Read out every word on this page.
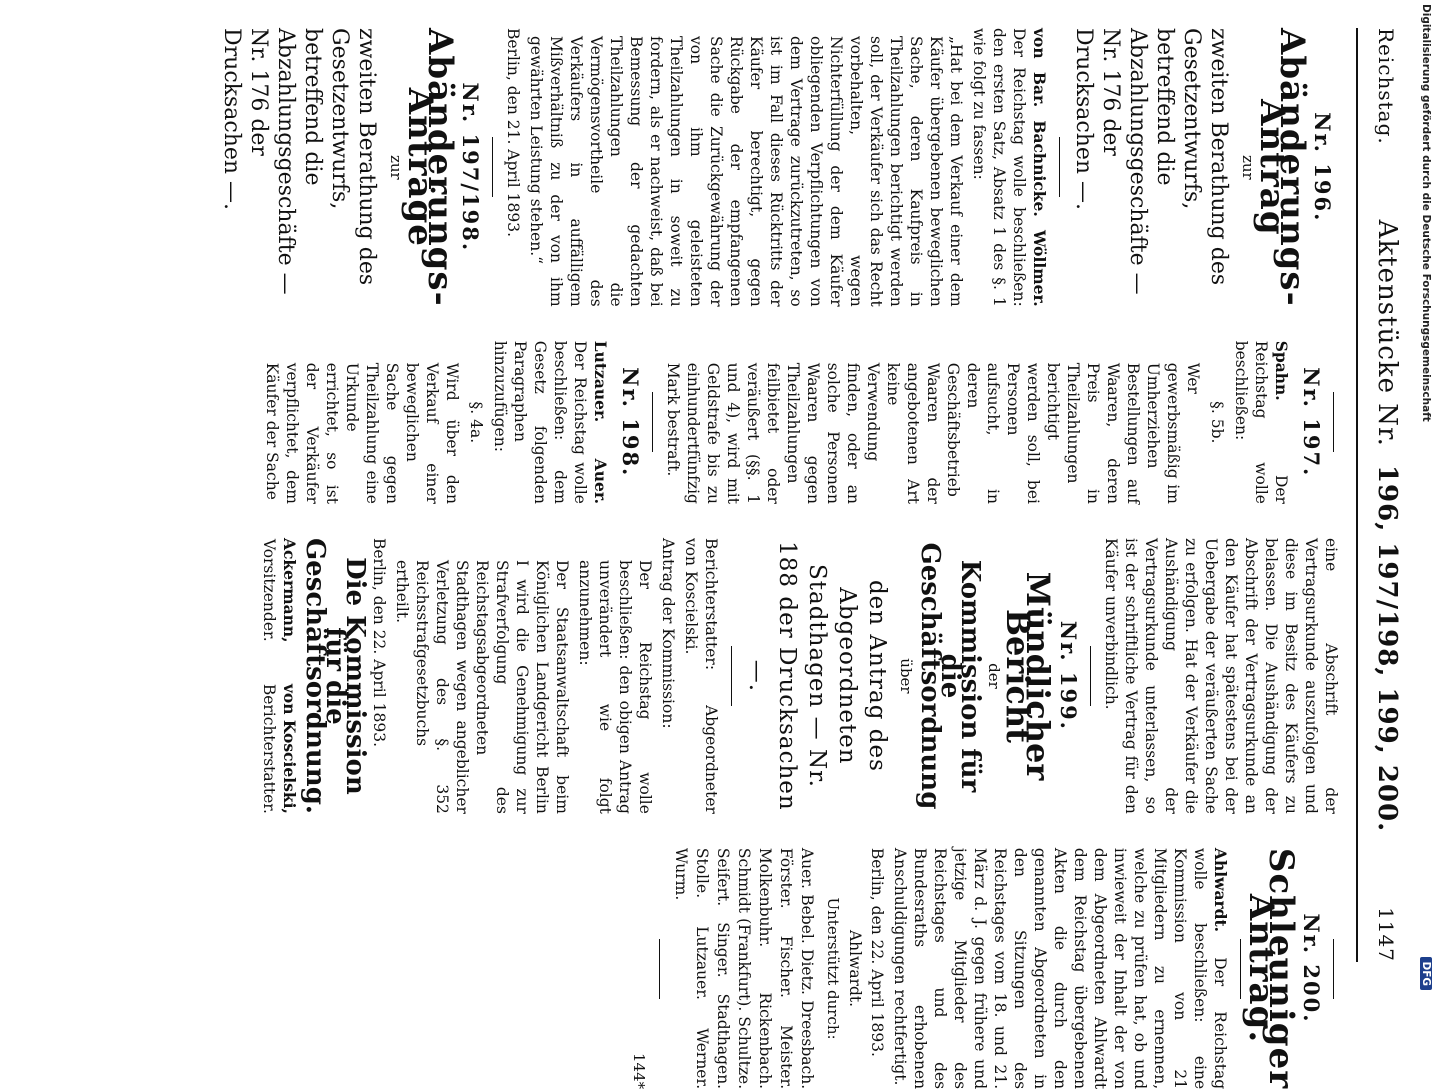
Reichstag.
Aktenstücke Nr. 196, 197/198, 199, 200.
1147
Nr. 196.
Abänderungs-Antrag
zur
zweiten Berathung des Gesetzentwurfs, betreffend die Abzahlungsgeschäfte — Nr. 176 der Drucksachen —.
von Bar. Bachnicke. Wöllmer. Der Reichstag wolle beschließen: den ersten Satz, Absatz 1 des §. 1 wie folgt zu fassen:
„Hat bei dem Verkauf einer dem Käufer übergebenen beweglichen Sache, deren Kaufpreis in Theilzahlungen berichtigt werden soll, der Verkäufer sich das Recht vorbehalten, wegen Nichterfüllung der dem Käufer obliegenden Verpflichtungen von dem Vertrage zurückzutreten, so ist im Fall dieses Rücktritts der Käufer berechtigt, gegen Rückgabe der empfangenen Sache die Zurückgewährung der von ihm geleisteten Theilzahlungen in soweit zu fordern, als er nachweist, daß bei Bemessung der gedachten Theilzahlungen die Vermögensvortheile des Verkäufers in auffälligem Mißverhältniß zu der von ihm gewährten Leistung stehen.“
Berlin, den 21. April 1893.
Nr. 197/198.
Abänderungs-Anträge
zur
zweiten Berathung des Gesetzentwurfs, betreffend die Abzahlungsgeschäfte — Nr. 176 der Drucksachen —.
Nr. 197.
Spahn. Der Reichstag wolle beschließen:
§. 5b.
Wer gewerbsmäßig im Umherziehen Bestellungen auf Waaren, deren Preis in Theilzahlungen berichtigt werden soll, bei Personen aufsucht, in deren Geschäftsbetrieb Waaren der angebotenen Art keine Verwendung finden, oder an solche Personen Waaren gegen Theilzahlungen feilbietet oder veräußert (§§. 1 und 4), wird mit Geldstrafe bis zu einhundertfünfzig Mark bestraft.
Nr. 198.
Lutzauer. Auer. Der Reichstag wolle beschließen: dem Gesetz folgenden Paragraphen hinzuzufügen:
§. 4a.
Wird über den Verkauf einer beweglichen Sache gegen Theilzahlung eine Urkunde errichtet, so ist der Verkäufer verpflichtet, dem Käufer der Sache
eine Abschrift der Vertragsurkunde auszufolgen und diese im Besitz des Käufers zu belassen. Die Aushändigung der Abschrift der Vertragsurkunde an den Käufer hat spätestens bei der Uebergabe der veräußerten Sache zu erfolgen. Hat der Verkäufer die Aushändigung der Vertragsurkunde unterlassen, so ist der schriftliche Vertrag für den Käufer unverbindlich.
Nr. 199.
Mündlicher Bericht
der
Kommission für die Geschäftsordnung
über
den Antrag des Abgeordneten Stadthagen — Nr. 188 der Drucksachen —.
Berichterstatter: Abgeordneter von Koscielski.
Antrag der Kommission:
Der Reichstag wolle beschließen: den obigen Antrag unverändert wie folgt anzunehmen:
Der Staatsanwaltschaft beim Königlichen Landgericht Berlin I wird die Genehmigung zur Strafverfolgung des Reichstagsabgeordneten Stadthagen wegen angeblicher Verletzung des §. 352 Reichsstrafgesetzbuchs ertheilt.
Berlin, den 22. April 1893.
Die Kommission für die Geschäftsordnung.
Ackermann,
Vorsitzender.
von Koscielski,
Berichterstatter.
Nr. 200.
Schleuniger Antrag.
Ahlwardt. Der Reichstag wolle beschließen: eine Kommission von 21 Mitgliedern zu ernennen, welche zu prüfen hat, ob und inwieweit der Inhalt der von dem Abgeordneten Ahlwardt dem Reichstag übergebenen Akten die durch den genannten Abgeordneten in den Sitzungen des Reichstages vom 18. und 21. März d. J. gegen frühere und jetzige Mitglieder des Reichstages und des Bundesraths erhobenen Anschuldigungen rechtfertigt.
Berlin, den 22. April 1893.
Ahlwardt.
Unterstützt durch:
Auer. Bebel. Dietz. Dreesbach. Förster. Fischer. Meister. Molkenbuhr. Rickenbach. Schmidt (Frankfurt). Schultze. Seifert. Singer. Stadthagen. Stolle. Lutzauer. Werner. Wurm.
144*
Digitalisierung gefördert durch die Deutsche Forschungsgemeinschaft
DFG
